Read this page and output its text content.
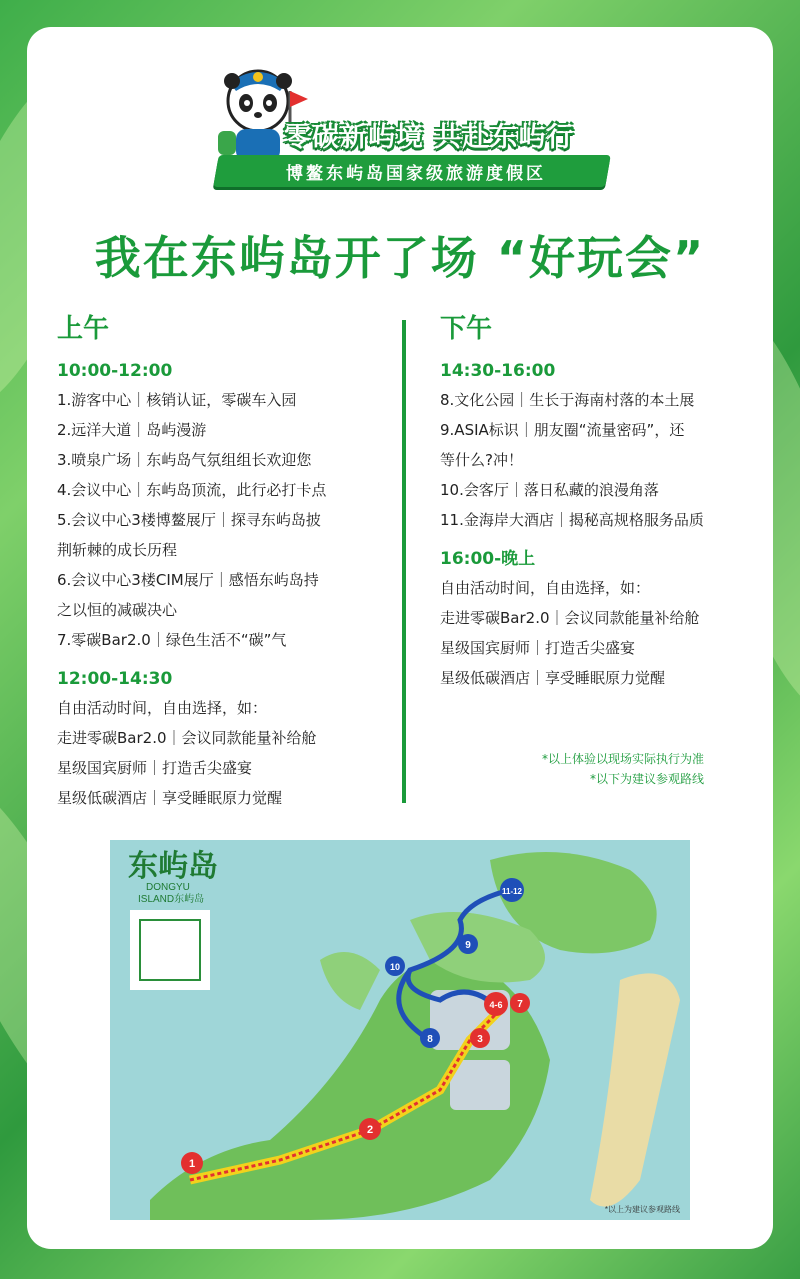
零碳新屿境 共赴东屿行
博鳌东屿岛国家级旅游度假区
我在东屿岛开了场 “好玩会”
上午
10:00-12:00
1.游客中心｜核销认证，零碳车入园
2.远洋大道｜岛屿漫游
3.喷泉广场｜东屿岛气氛组组长欢迎您
4.会议中心｜东屿岛顶流，此行必打卡点
5.会议中心3楼博鳌展厅｜探寻东屿岛披
荆斩棘的成长历程
6.会议中心3楼CIM展厅｜感悟东屿岛持
之以恒的减碳决心
7.零碳Bar2.0｜绿色生活不“碳”气
12:00-14:30
自由活动时间，自由选择，如：
走进零碳Bar2.0｜会议同款能量补给舱
星级国宾厨师｜打造舌尖盛宴
星级低碳酒店｜享受睡眠原力觉醒
下午
14:30-16:00
8.文化公园｜生长于海南村落的本土展
9.ASIA标识｜朋友圈“流量密码”，还
等什么?冲！
10.会客厅｜落日私藏的浪漫角落
11.金海岸大酒店｜揭秘高规格服务品质
16:00-晚上
自由活动时间，自由选择，如：
走进零碳Bar2.0｜会议同款能量补给舱
星级国宾厨师｜打造舌尖盛宴
星级低碳酒店｜享受睡眠原力觉醒
*以上体验以现场实际执行为准
*以下为建议参观路线
东屿岛
DONGYU
ISLAND东屿岛
1
2
3
4-6 7
8
9
10
11-12
*以上为建议参观路线
